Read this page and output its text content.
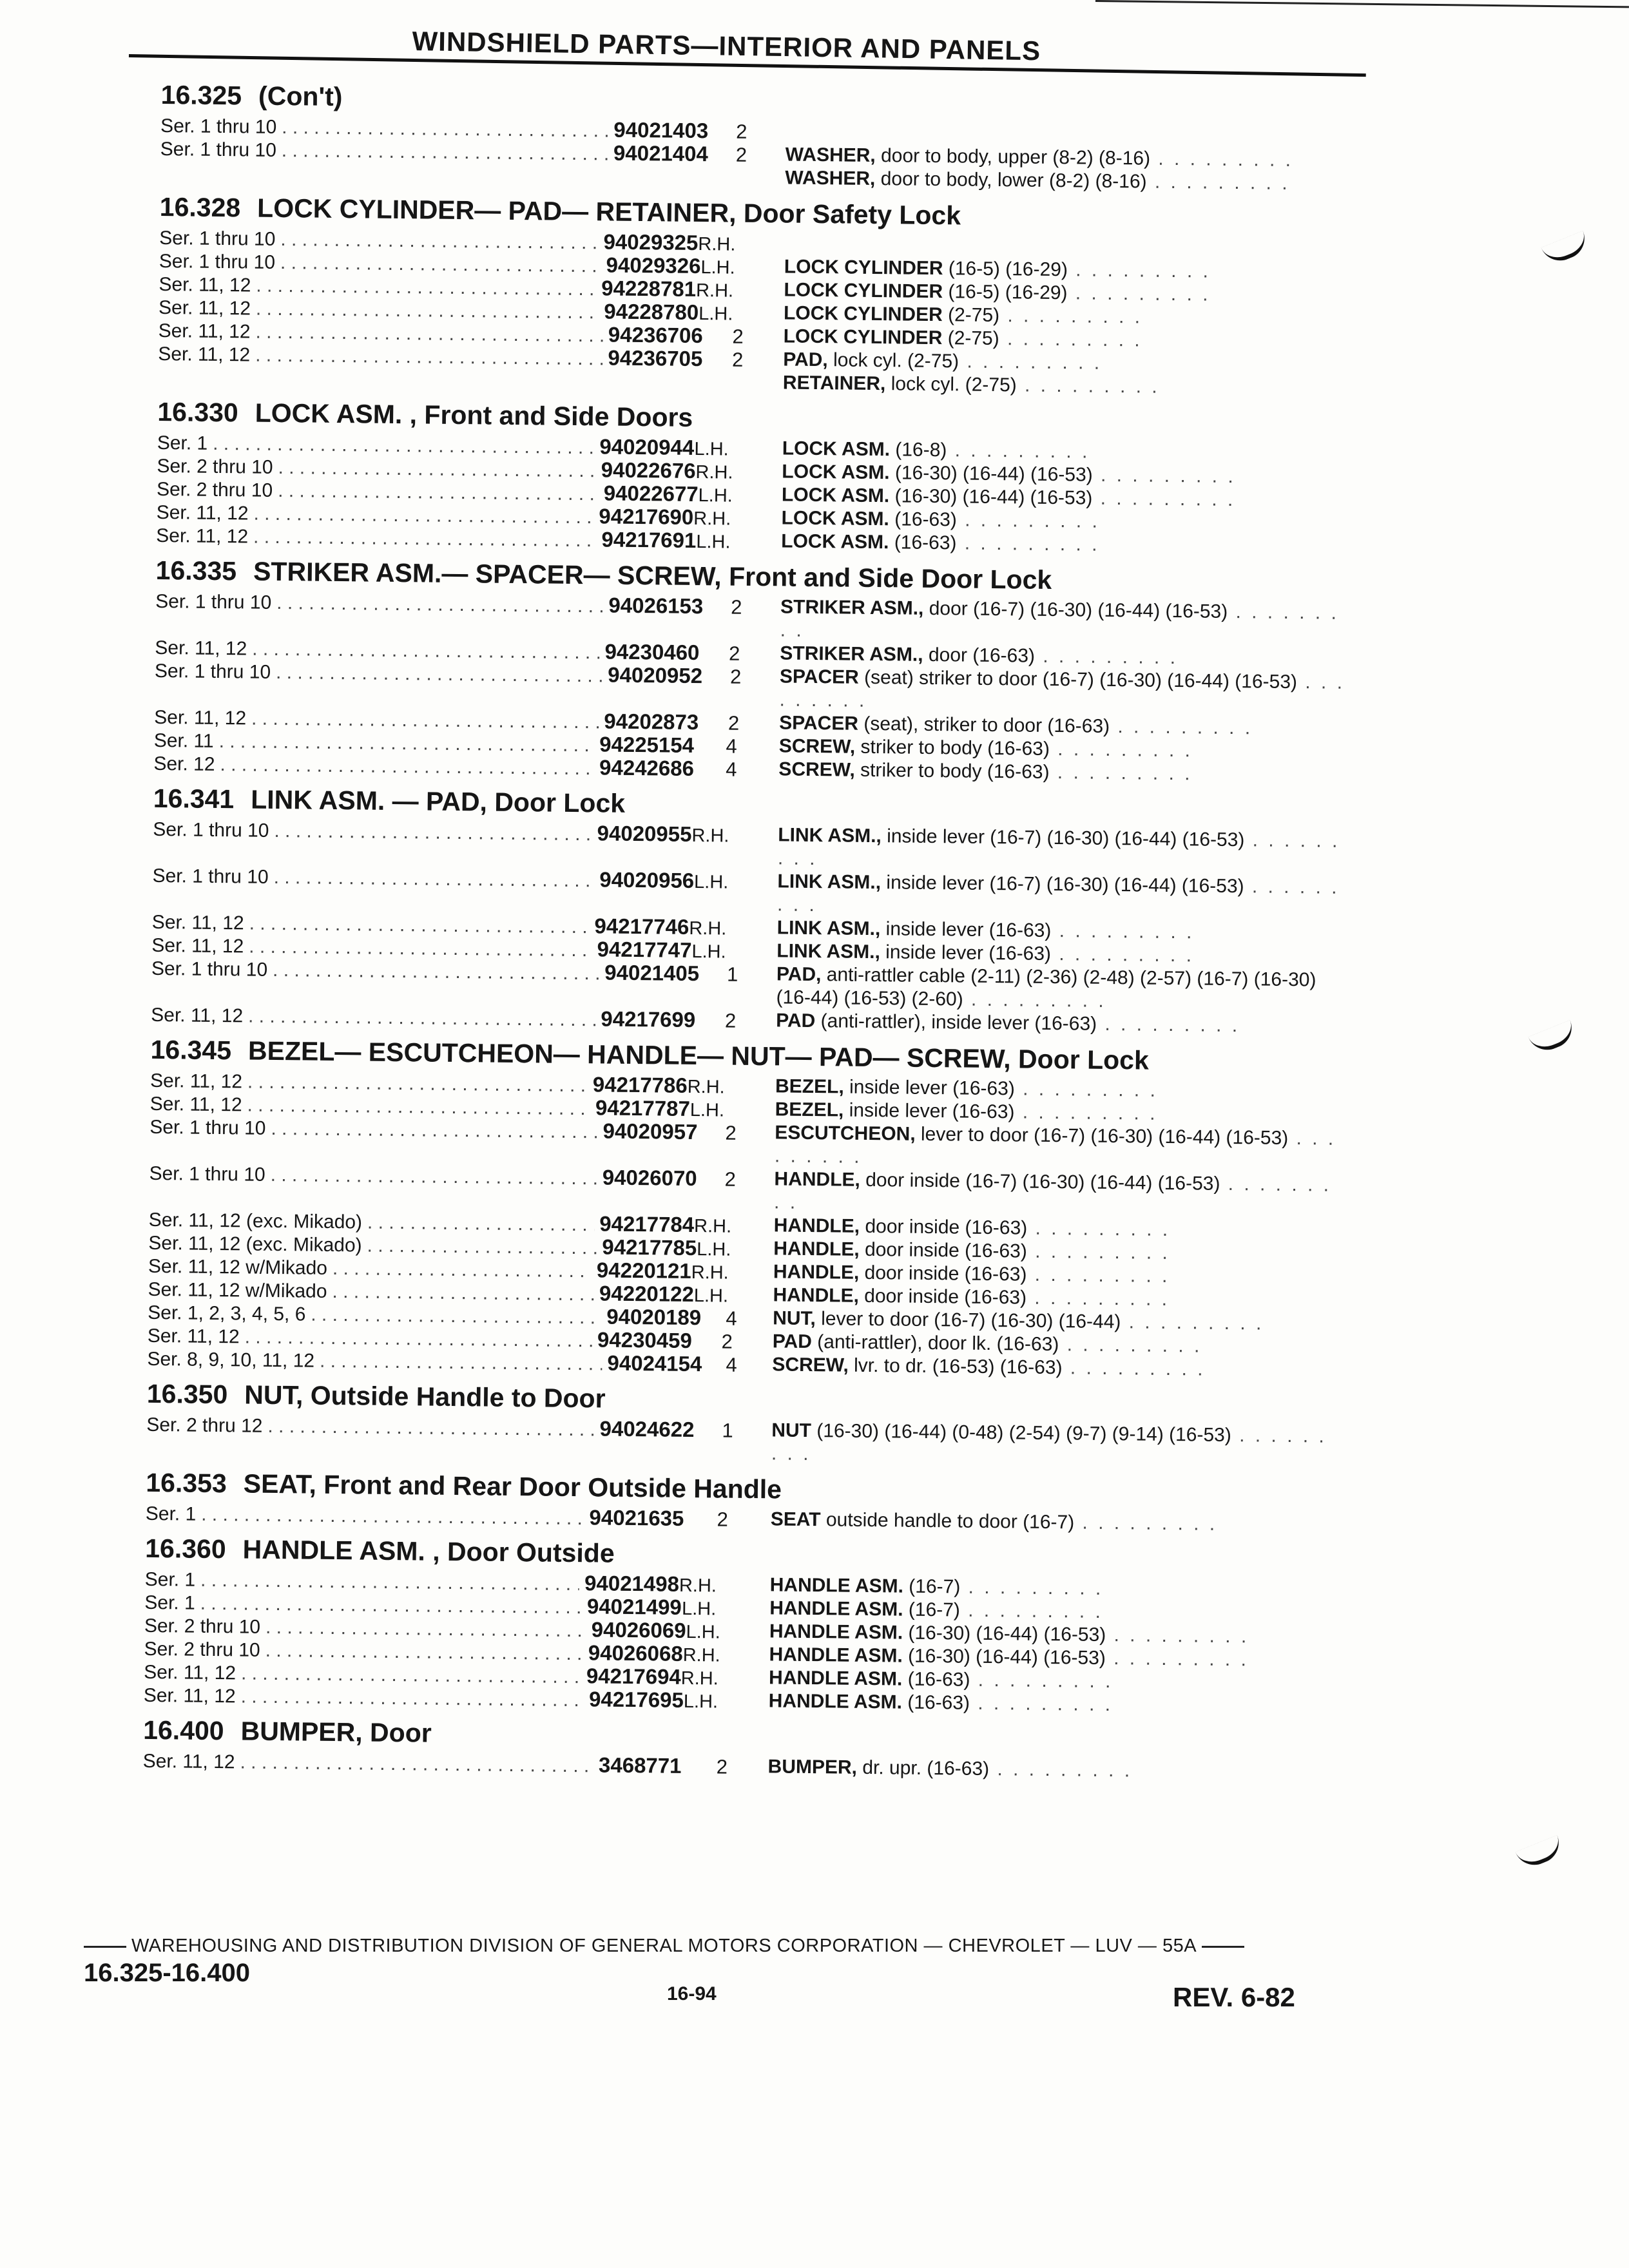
WINDSHIELD PARTS—INTERIOR AND PANELS
16.325 (Con't)
Ser. 1 thru 10 . . .	94021403 2
Ser. 1 thru 10 . . .	94021404 2	WASHER, door to body, upper (8-2) (8-16) . . . . . . . . .
WASHER, door to body, lower (8-2) (8-16) . . . . . . . . .
16.328 LOCK CYLINDER— PAD— RETAINER, Door Safety Lock
Ser. 1 thru 10 . . .	94029325 R.H.
Ser. 1 thru 10 . . .	94029326 L.H.	LOCK CYLINDER (16-5) (16-29) . . . . . . . . .
Ser. 11, 12 . . .	94228781 R.H.	LOCK CYLINDER (16-5) (16-29) . . . . . . . . .
Ser. 11, 12 . . .	94228780 L.H.	LOCK CYLINDER (2-75) . . . . . . . . .
Ser. 11, 12 . . .	94236706 2	LOCK CYLINDER (2-75) . . . . . . . . .
Ser. 11, 12 . . .	94236705 2	PAD, lock cyl. (2-75) . . . . . . . . .
RETAINER, lock cyl. (2-75) . . . . . . . . .
16.330 LOCK ASM. , Front and Side Doors
Ser. 1 . . .	94020944 L.H.	LOCK ASM. (16-8) . . . . . . . . .
Ser. 2 thru 10 . . .	94022676 R.H.	LOCK ASM. (16-30) (16-44) (16-53) . . . . . . . . .
Ser. 2 thru 10 . . .	94022677 L.H.	LOCK ASM. (16-30) (16-44) (16-53) . . . . . . . . .
Ser. 11, 12 . . .	94217690 R.H.	LOCK ASM. (16-63) . . . . . . . . .
Ser. 11, 12 . . .	94217691 L.H.	LOCK ASM. (16-63) . . . . . . . . .
16.335 STRIKER ASM.— SPACER— SCREW, Front and Side Door Lock
Ser. 1 thru 10 . . .	94026153 2	STRIKER ASM., door (16-7) (16-30) (16-44) (16-53) . . . . . . . . .
Ser. 11, 12 . . .	94230460 2	STRIKER ASM., door (16-63) . . . . . . . . .
Ser. 1 thru 10 . . .	94020952 2	SPACER (seat) striker to door (16-7) (16-30) (16-44) (16-53) . . . . . . . . .
Ser. 11, 12 . . .	94202873 2	SPACER (seat), striker to door (16-63) . . . . . . . . .
Ser. 11 . . .	94225154 4	SCREW, striker to body (16-63) . . . . . . . . .
Ser. 12 . . .	94242686 4	SCREW, striker to body (16-63) . . . . . . . . .
16.341 LINK ASM. — PAD, Door Lock
Ser. 1 thru 10 . . .	94020955 R.H.	LINK ASM., inside lever (16-7) (16-30) (16-44) (16-53) . . . . . . . . .
Ser. 1 thru 10 . . .	94020956 L.H.	LINK ASM., inside lever (16-7) (16-30) (16-44) (16-53) . . . . . . . . .
Ser. 11, 12 . . .	94217746 R.H.	LINK ASM., inside lever (16-63) . . . . . . . . .
Ser. 11, 12 . . .	94217747 L.H.	LINK ASM., inside lever (16-63) . . . . . . . . .
Ser. 1 thru 10 . . .	94021405 1	PAD, anti-rattler cable (2-11) (2-36) (2-48) (2-57) (16-7) (16-30) (16-44) (16-53) (2-60) . . . . . . . . .
Ser. 11, 12 . . .	94217699 2	PAD (anti-rattler), inside lever (16-63) . . . . . . . . .
16.345 BEZEL— ESCUTCHEON— HANDLE— NUT— PAD— SCREW, Door Lock
Ser. 11, 12 . . .	94217786 R.H.	BEZEL, inside lever (16-63) . . . . . . . . .
Ser. 11, 12 . . .	94217787 L.H.	BEZEL, inside lever (16-63) . . . . . . . . .
Ser. 1 thru 10 . . .	94020957 2	ESCUTCHEON, lever to door (16-7) (16-30) (16-44) (16-53) . . . . . . . . .
Ser. 1 thru 10 . . .	94026070 2	HANDLE, door inside (16-7) (16-30) (16-44) (16-53) . . . . . . . . .
Ser. 11, 12 (exc. Mikado) . . .	94217784 R.H. HANDLE, door inside (16-63) . . . . . . . . .
Ser. 11, 12 (exc. Mikado) . . .	94217785 L.H. HANDLE, door inside (16-63) . . . . . . . . .
Ser. 11, 12 w/Mikado . . .	94220121 R.H. HANDLE, door inside (16-63) . . . . . . . . .
Ser. 11, 12 w/Mikado . . .	94220122 L.H. HANDLE, door inside (16-63) . . . . . . . . .
Ser. 1, 2, 3, 4, 5, 6 . . .	94020189 4	NUT, lever to door (16-7) (16-30) (16-44) . . . . . . . . .
Ser. 11, 12 . . .	94230459 2	PAD (anti-rattler), door lk. (16-63) . . . . . . . . .
Ser. 8, 9, 10, 11, 12 . . .	94024154 4	SCREW, lvr. to dr. (16-53) (16-63) . . . . . . . . .
16.350 NUT, Outside Handle to Door
Ser. 2 thru 12 . . .	94024622 1	NUT (16-30) (16-44) (0-48) (2-54) (9-7) (9-14) (16-53) . . . . . . . . .
16.353 SEAT, Front and Rear Door Outside Handle
Ser. 1 . . .	94021635 2	SEAT outside handle to door (16-7) . . . . . . . . .
16.360 HANDLE ASM. , Door Outside
Ser. 1 . . .	94021498 R.H.	HANDLE ASM. (16-7) . . . . . . . . .
Ser. 1 . . .	94021499 L.H.	HANDLE ASM. (16-7) . . . . . . . . .
Ser. 2 thru 10 . . .	94026069 L.H.	HANDLE ASM. (16-30) (16-44) (16-53) . . . . . . . . .
Ser. 2 thru 10 . . .	94026068 R.H.	HANDLE ASM. (16-30) (16-44) (16-53) . . . . . . . . .
Ser. 11, 12 . . .	94217694 R.H.	HANDLE ASM. (16-63) . . . . . . . . .
Ser. 11, 12 . . .	94217695 L.H.	HANDLE ASM. (16-63) . . . . . . . . .
16.400 BUMPER, Door
Ser. 11, 12 . . .	3468771 2	BUMPER, dr. upr. (16-63) . . . . . . . . .
WAREHOUSING AND DISTRIBUTION DIVISION OF GENERAL MOTORS CORPORATION — CHEVROLET — LUV — 55A
16.325-16.400
16-94	REV. 6-82
